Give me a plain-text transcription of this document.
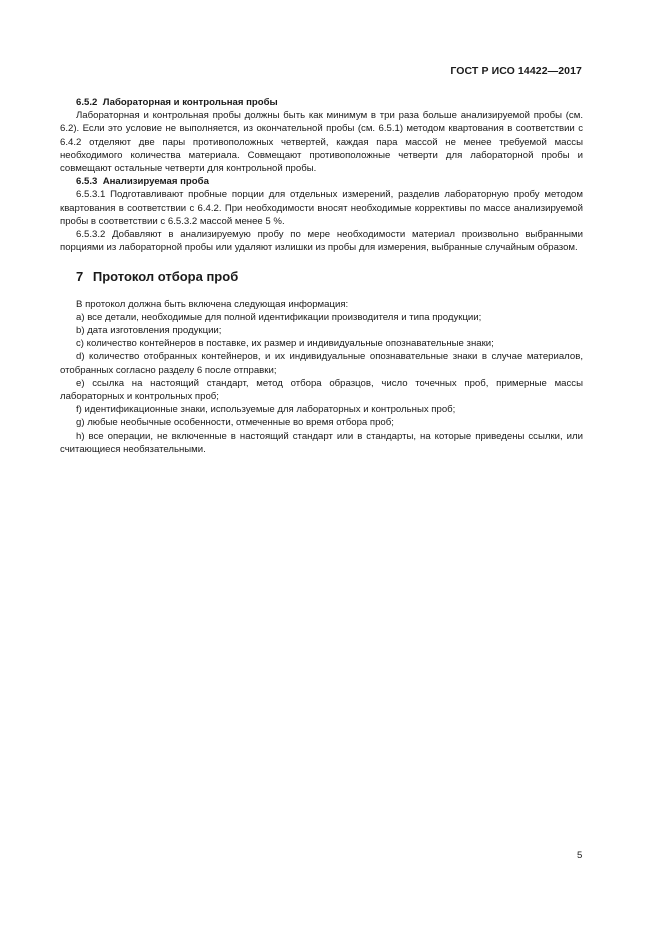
ГОСТ Р ИСО 14422—2017

6.5.2 Лабораторная и контрольная пробы

Лабораторная и контрольная пробы должны быть как минимум в три раза больше анализируемой пробы (см. 6.2). Если это условие не выполняется, из окончательной пробы (см. 6.5.1) методом квартования в соответствии с 6.4.2 отделяют две пары противоположных четвертей, каждая пара массой не менее требуемой массы необходимого количества материала. Совмещают противоположные четверти для лабораторной пробы и совмещают остальные четверти для контрольной пробы.

6.5.3 Анализируемая проба

6.5.3.1 Подготавливают пробные порции для отдельных измерений, разделив лабораторную пробу методом квартования в соответствии с 6.4.2. При необходимости вносят необходимые коррективы по массе анализируемой пробы в соответствии с 6.5.3.2 массой менее 5 %.

6.5.3.2 Добавляют в анализируемую пробу по мере необходимости материал произвольно выбранными порциями из лабораторной пробы или удаляют излишки из пробы для измерения, выбранные случайным образом.

7 Протокол отбора проб

В протокол должна быть включена следующая информация:

a) все детали, необходимые для полной идентификации производителя и типа продукции;

b) дата изготовления продукции;

c) количество контейнеров в поставке, их размер и индивидуальные опознавательные знаки;

d) количество отобранных контейнеров, и их индивидуальные опознавательные знаки в случае материалов, отобранных согласно разделу 6 после отправки;

e) ссылка на настоящий стандарт, метод отбора образцов, число точечных проб, примерные массы лабораторных и контрольных проб;

f) идентификационные знаки, используемые для лабораторных и контрольных проб;

g) любые необычные особенности, отмеченные во время отбора проб;

h) все операции, не включенные в настоящий стандарт или в стандарты, на которые приведены ссылки, или считающиеся необязательными.

5
